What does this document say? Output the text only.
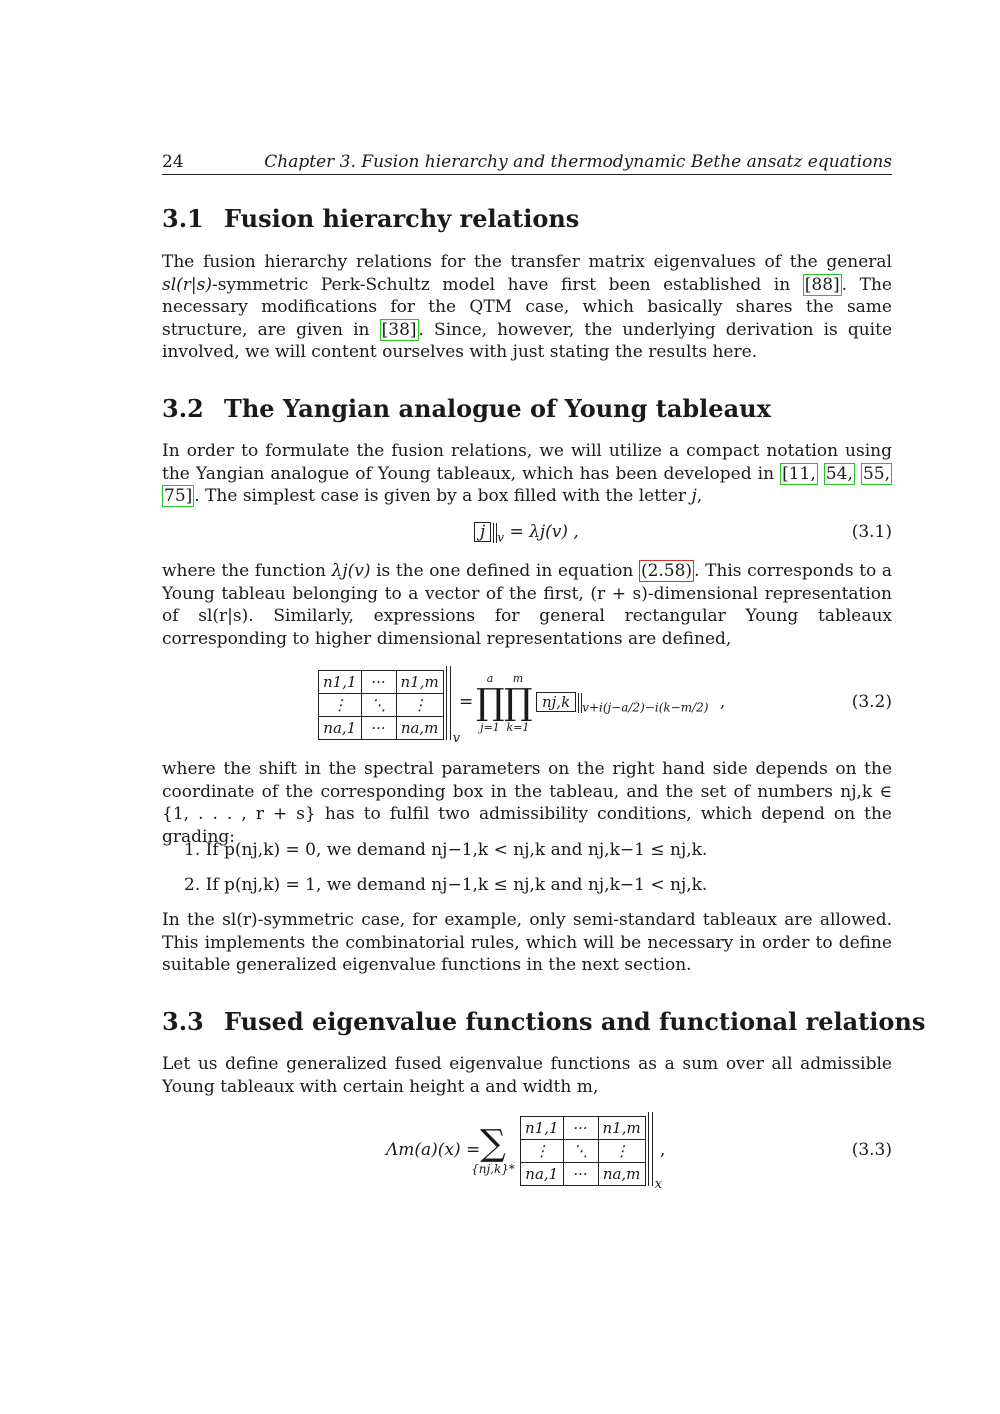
24	Chapter 3. Fusion hierarchy and thermodynamic Bethe ansatz equations
3.1 Fusion hierarchy relations

The fusion hierarchy relations for the transfer matrix eigenvalues of the general sl(r|s)-symmetric Perk-Schultz model have first been established in [88] . The necessary modifications for the QTM case, which basically shares the same structure, are given in [38] . Since, however, the underlying derivation is quite involved, we will content ourselves with just stating the results here.

3.2 The Yangian analogue of Young tableaux

In order to formulate the fusion relations, we will utilize a compact notation using the Yangian analogue of Young tableaux, which has been developed in [11, 54, 55, 75] . The simplest case is given by a box filled with the letter j,

j $_v$ = λj(v) ,	(3.1)

where the function λj(v) is the one defined in equation (2.58) . This corresponds to a Young tableau belonging to a vector of the first, (r + s)-dimensional representation of sl(r|s). Similarly, expressions for general rectangular Young tableaux corresponding to higher dimensional representations are defined,

n1,1	···	n1,m
⋮	⋱	⋮
na,1	···	na,m
v
=
a
∏
j=1
m
∏
k=1
nj,k $_{v+i(j-a/2)-i(k-m/2)}$ ,	(3.2)

where the shift in the spectral parameters on the right hand side depends on the coordinate of the corresponding box in the tableau, and the set of numbers nj,k ∈ {1, . . . , r + s} has to fulfil two admissibility conditions, which depend on the grading:

1. If p(nj,k) = 0, we demand nj−1,k < nj,k and nj,k−1 ≤ nj,k.
2. If p(nj,k) = 1, we demand nj−1,k ≤ nj,k and nj,k−1 < nj,k.

In the sl(r)-symmetric case, for example, only semi-standard tableaux are allowed. This implements the combinatorial rules, which will be necessary in order to define suitable generalized eigenvalue functions in the next section.

3.3 Fused eigenvalue functions and functional relations

Let us define generalized fused eigenvalue functions as a sum over all admissible Young tableaux with certain height a and width m,

Λm(a)(x) = ∑
{nj,k}*
n1,1	···	n1,m
⋮	⋱	⋮
na,1	···	na,m
x
,	(3.3)
